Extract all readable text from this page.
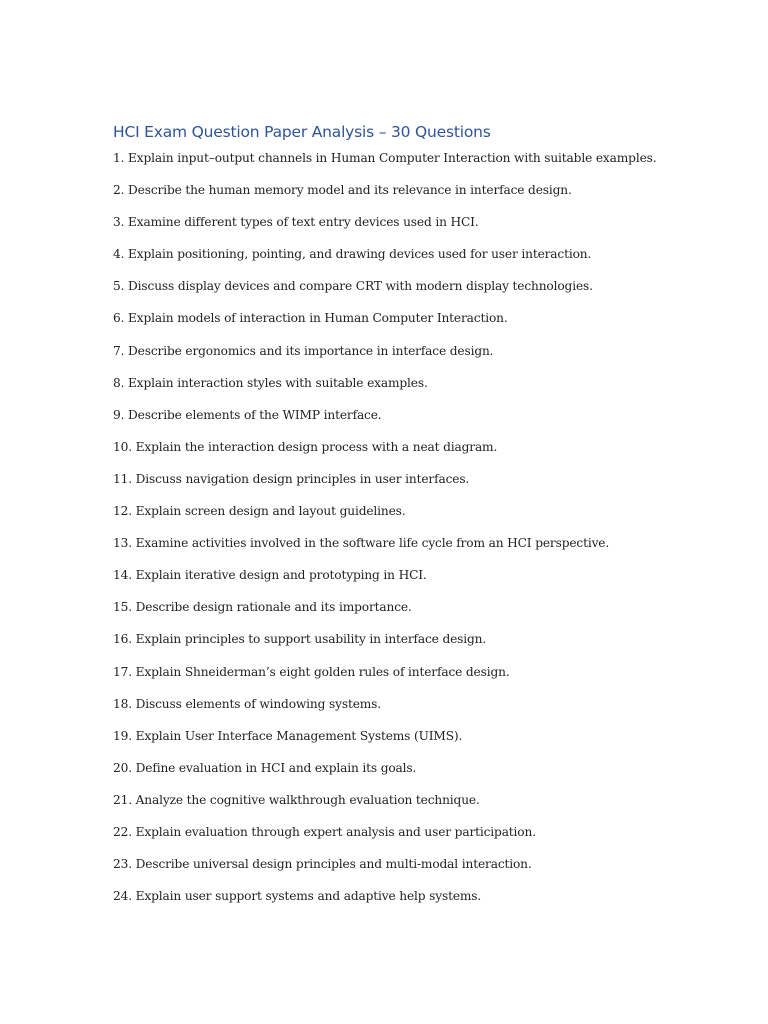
HCI Exam Question Paper Analysis – 30 Questions
1. Explain input–output channels in Human Computer Interaction with suitable examples.
2. Describe the human memory model and its relevance in interface design.
3. Examine different types of text entry devices used in HCI.
4. Explain positioning, pointing, and drawing devices used for user interaction.
5. Discuss display devices and compare CRT with modern display technologies.
6. Explain models of interaction in Human Computer Interaction.
7. Describe ergonomics and its importance in interface design.
8. Explain interaction styles with suitable examples.
9. Describe elements of the WIMP interface.
10. Explain the interaction design process with a neat diagram.
11. Discuss navigation design principles in user interfaces.
12. Explain screen design and layout guidelines.
13. Examine activities involved in the software life cycle from an HCI perspective.
14. Explain iterative design and prototyping in HCI.
15. Describe design rationale and its importance.
16. Explain principles to support usability in interface design.
17. Explain Shneiderman’s eight golden rules of interface design.
18. Discuss elements of windowing systems.
19. Explain User Interface Management Systems (UIMS).
20. Define evaluation in HCI and explain its goals.
21. Analyze the cognitive walkthrough evaluation technique.
22. Explain evaluation through expert analysis and user participation.
23. Describe universal design principles and multi-modal interaction.
24. Explain user support systems and adaptive help systems.
